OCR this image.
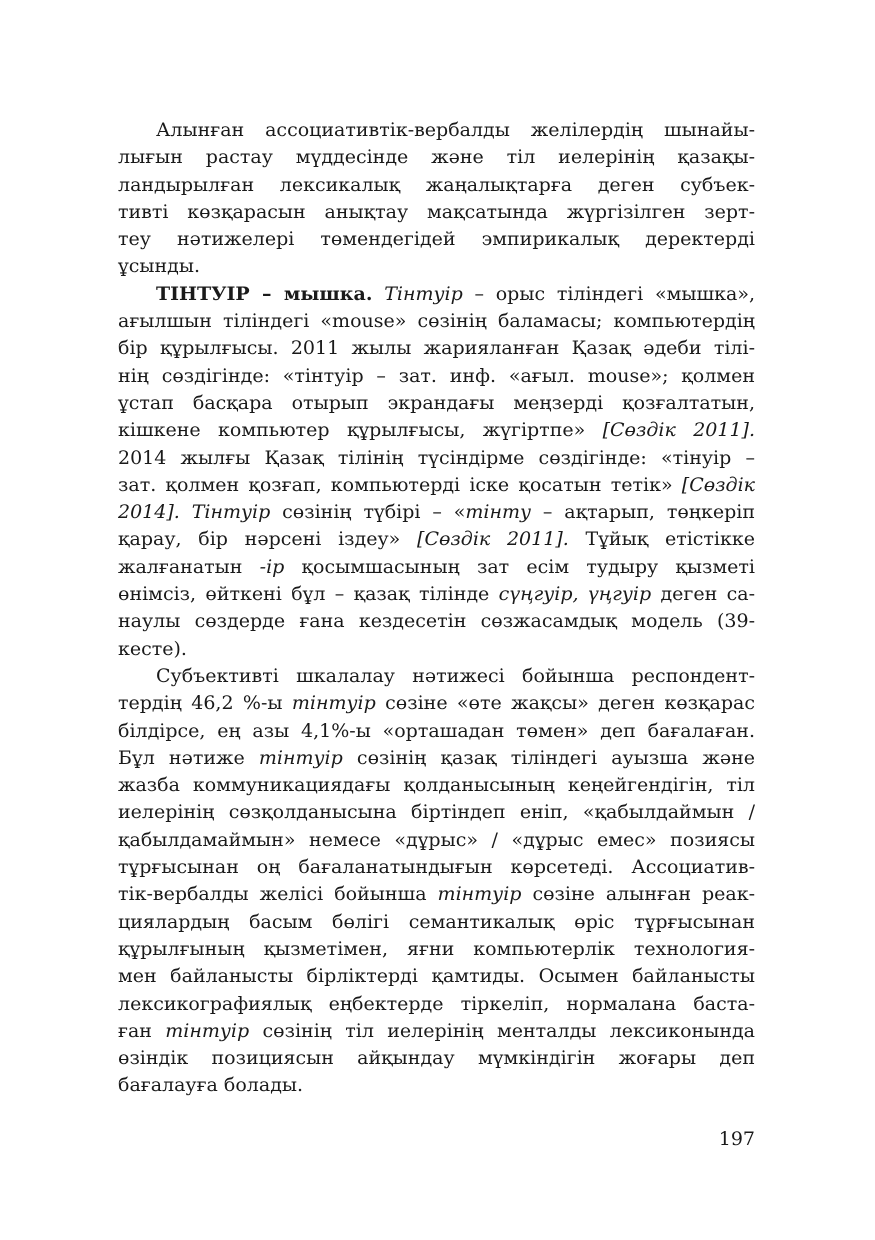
Алынған ассоциативтік-вербалды желілердің шынайы-
лығын растау мүддесінде және тіл иелерінің қазақы-
ландырылған лексикалық жаңалықтарға деген субъек-
тивті көзқарасын анықтау мақсатында жүргізілген зерт-
теу нәтижелері төмендегідей эмпирикалық деректерді
ұсынды.
ТІНТУІР – мышка. Тінтуір – орыс тіліндегі «мышка»,
ағылшын тіліндегі «mouse» сөзінің баламасы; компьютердің
бір құрылғысы. 2011 жылы жарияланған Қазақ әдеби тілі-
нің сөздігінде: «тінтуір – зат. инф. «ағыл. mouse»; қолмен
ұстап басқара отырып экрандағы меңзерді қозғалтатын,
кішкене компьютер құрылғысы, жүгіртпе» [Сөздік 2011].
2014 жылғы Қазақ тілінің түсіндірме сөздігінде: «тінуір –
зат. қолмен қозғап, компьютерді іске қосатын тетік» [Сөздік
2014]. Тінтуір сөзінің түбірі – «тінту – ақтарып, төңкеріп
қарау, бір нәрсені іздеу» [Сөздік 2011]. Тұйық етістікке
жалғанатын -ір қосымшасының зат есім тудыру қызметі
өнімсіз, өйткені бұл – қазақ тілінде сүңгуір, үңгуір деген са-
наулы сөздерде ғана кездесетін сөзжасамдық модель (39-
кесте).
Субъективті шкалалау нәтижесі бойынша респондент-
тердің 46,2 %-ы тінтуір сөзіне «өте жақсы» деген көзқарас
білдірсе, ең азы 4,1%-ы «орташадан төмен» деп бағалаған.
Бұл нәтиже тінтуір сөзінің қазақ тіліндегі ауызша және
жазба коммуникациядағы қолданысының кеңейгендігін, тіл
иелерінің сөзқолданысына біртіндеп еніп, «қабылдаймын /
қабылдамаймын» немесе «дұрыс» / «дұрыс емес» позиясы
тұрғысынан оң бағаланатындығын көрсетеді. Ассоциатив-
тік-вербалды желісі бойынша тінтуір сөзіне алынған реак-
циялардың басым бөлігі семантикалық өріс тұрғысынан
құрылғының қызметімен, яғни компьютерлік технология-
мен байланысты бірліктерді қамтиды. Осымен байланысты
лексикографиялық еңбектерде тіркеліп, нормалана баста-
ған тінтуір сөзінің тіл иелерінің менталды лексиконында
өзіндік позициясын айқындау мүмкіндігін жоғары деп
бағалауға болады.
197
